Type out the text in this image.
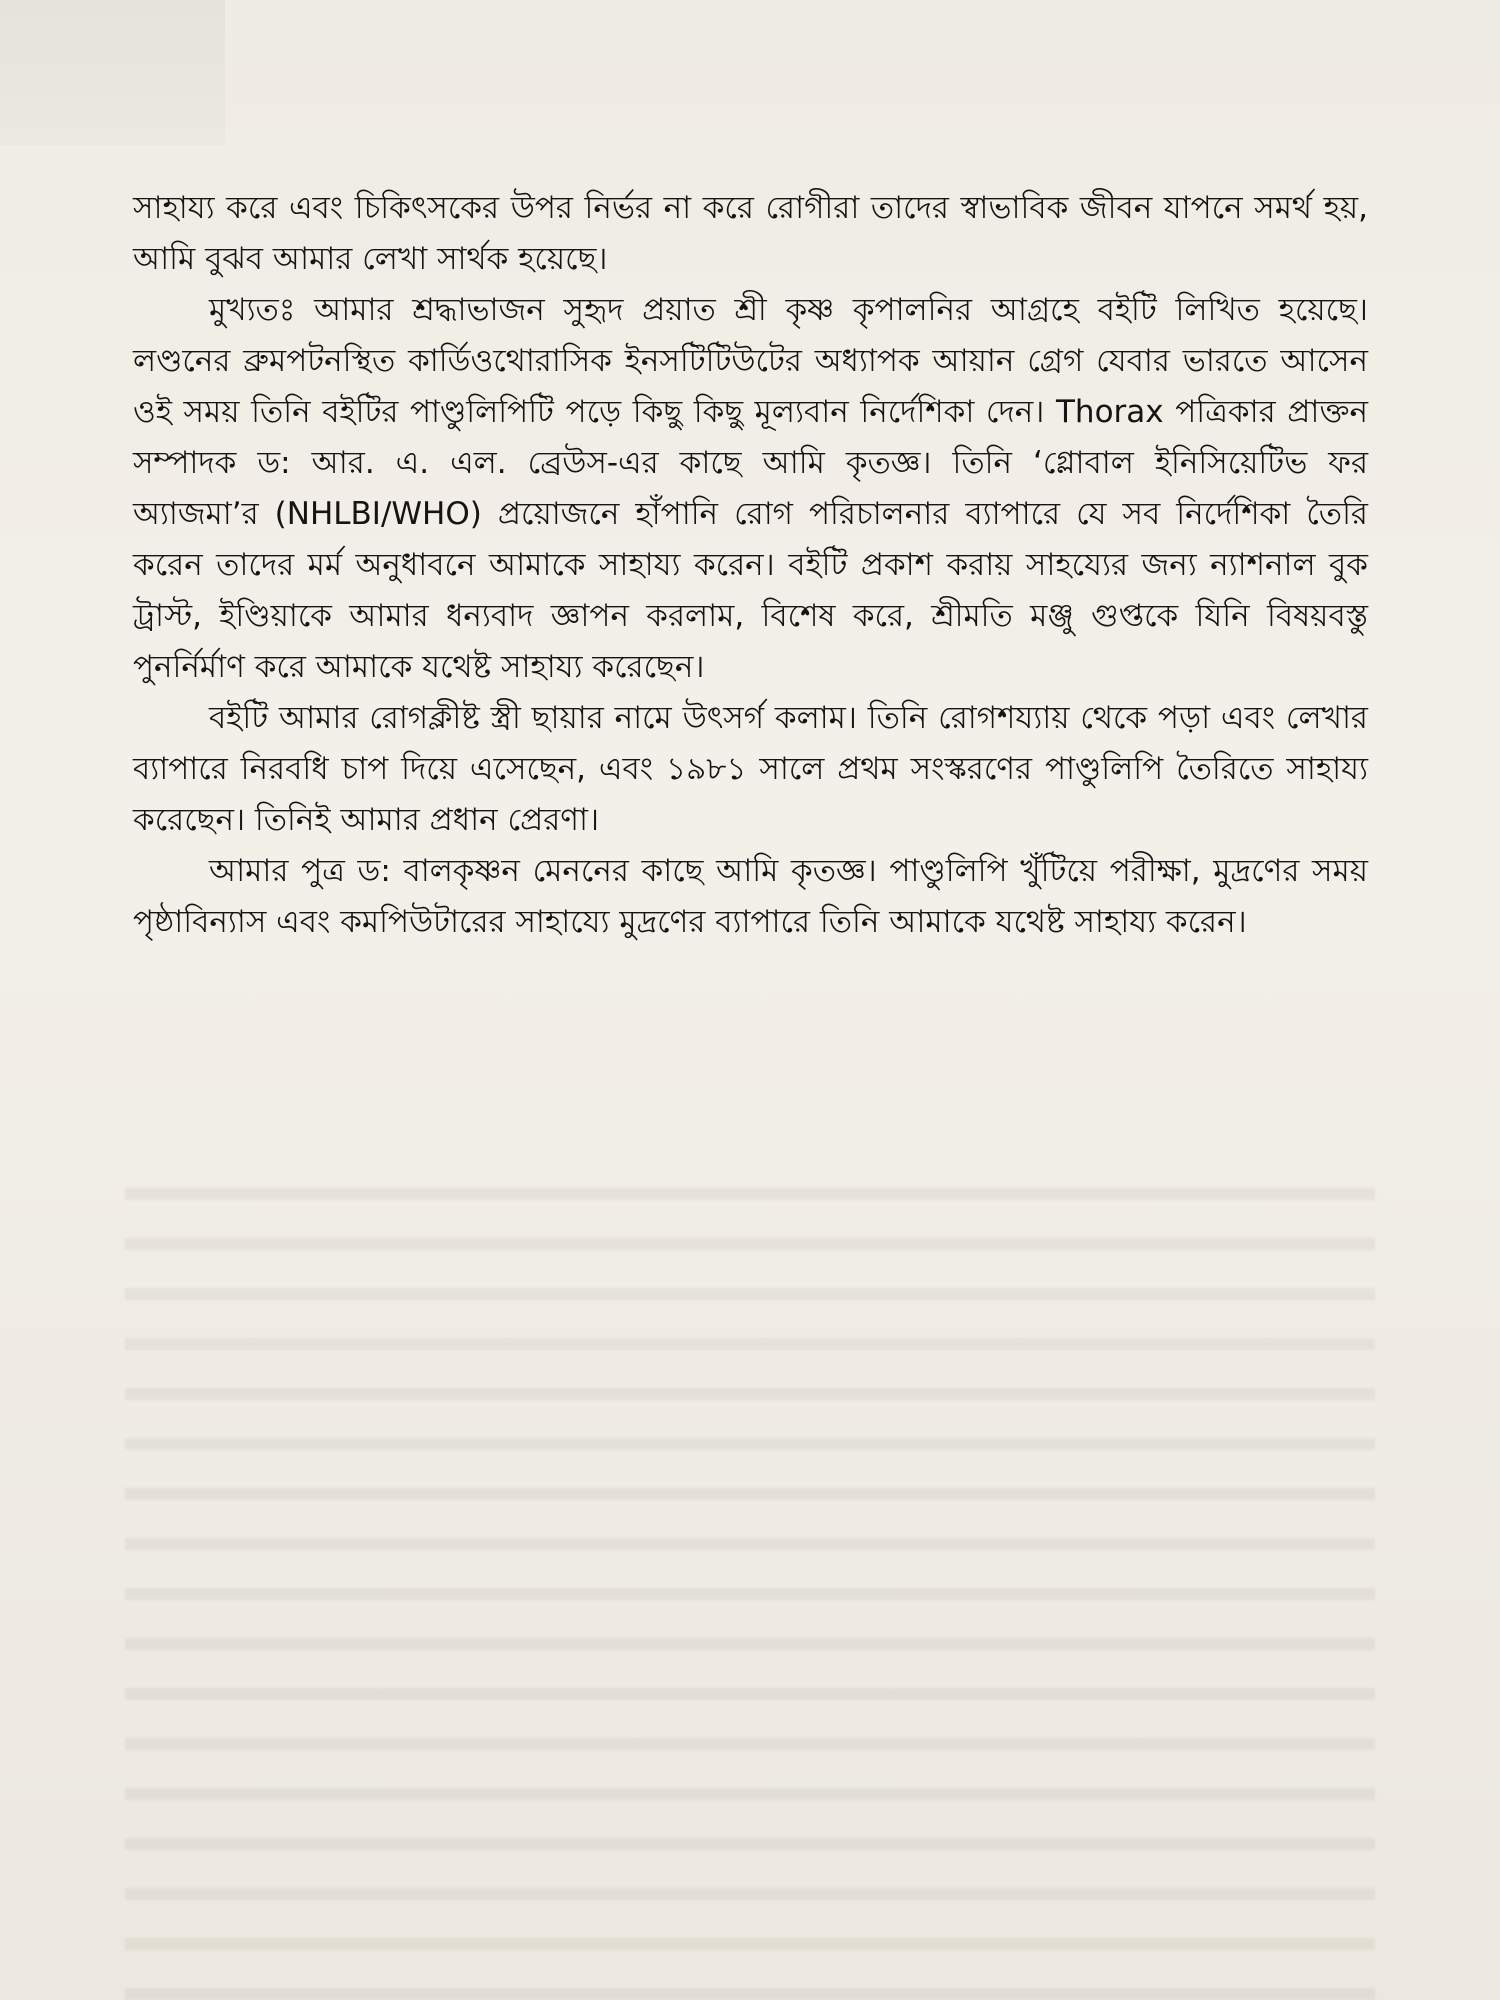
সাহায্য করে এবং চিকিৎসকের উপর নির্ভর না করে রোগীরা তাদের স্বাভাবিক জীবন যাপনে সমর্থ হয়, আমি বুঝব আমার লেখা সার্থক হয়েছে।

মুখ্যতঃ আমার শ্রদ্ধাভাজন সুহৃদ প্রয়াত শ্রী কৃষ্ণ কৃপালনির আগ্রহে বইটি লিখিত হয়েছে। লণ্ডনের ব্রুমপটনস্থিত কার্ডিওথোরাসিক ইনসটিটিউটের অধ্যাপক আয়ান গ্রেগ যেবার ভারতে আসেন ওই সময় তিনি বইটির পাণ্ডুলিপিটি পড়ে কিছু কিছু মূল্যবান নির্দেশিকা দেন। Thorax পত্রিকার প্রাক্তন সম্পাদক ড: আর. এ. এল. ব্রেউস-এর কাছে আমি কৃতজ্ঞ। তিনি ‘গ্লোবাল ইনিসিয়েটিভ ফর অ্যাজমা’র (NHLBI/WHO) প্রয়োজনে হাঁপানি রোগ পরিচালনার ব্যাপারে যে সব নির্দেশিকা তৈরি করেন তাদের মর্ম অনুধাবনে আমাকে সাহায্য করেন। বইটি প্রকাশ করায় সাহয্যের জন্য ন্যাশনাল বুক ট্রাস্ট, ইণ্ডিয়াকে আমার ধন্যবাদ জ্ঞাপন করলাম, বিশেষ করে, শ্রীমতি মঞ্জু গুপ্তকে যিনি বিষয়বস্তু পুনর্নির্মাণ করে আমাকে যথেষ্ট সাহায্য করেছেন।

বইটি আমার রোগক্লীষ্ট স্ত্রী ছায়ার নামে উৎসর্গ কলাম। তিনি রোগশয্যায় থেকে পড়া এবং লেখার ব্যাপারে নিরবধি চাপ দিয়ে এসেছেন, এবং ১৯৮১ সালে প্রথম সংস্করণের পাণ্ডুলিপি তৈরিতে সাহায্য করেছেন। তিনিই আমার প্রধান প্রেরণা।

আমার পুত্র ড: বালকৃষ্ণন মেননের কাছে আমি কৃতজ্ঞ। পাণ্ডুলিপি খুঁটিয়ে পরীক্ষা, মুদ্রণের সময় পৃষ্ঠাবিন্যাস এবং কমপিউটারের সাহায্যে মুদ্রণের ব্যাপারে তিনি আমাকে যথেষ্ট সাহায্য করেন।
